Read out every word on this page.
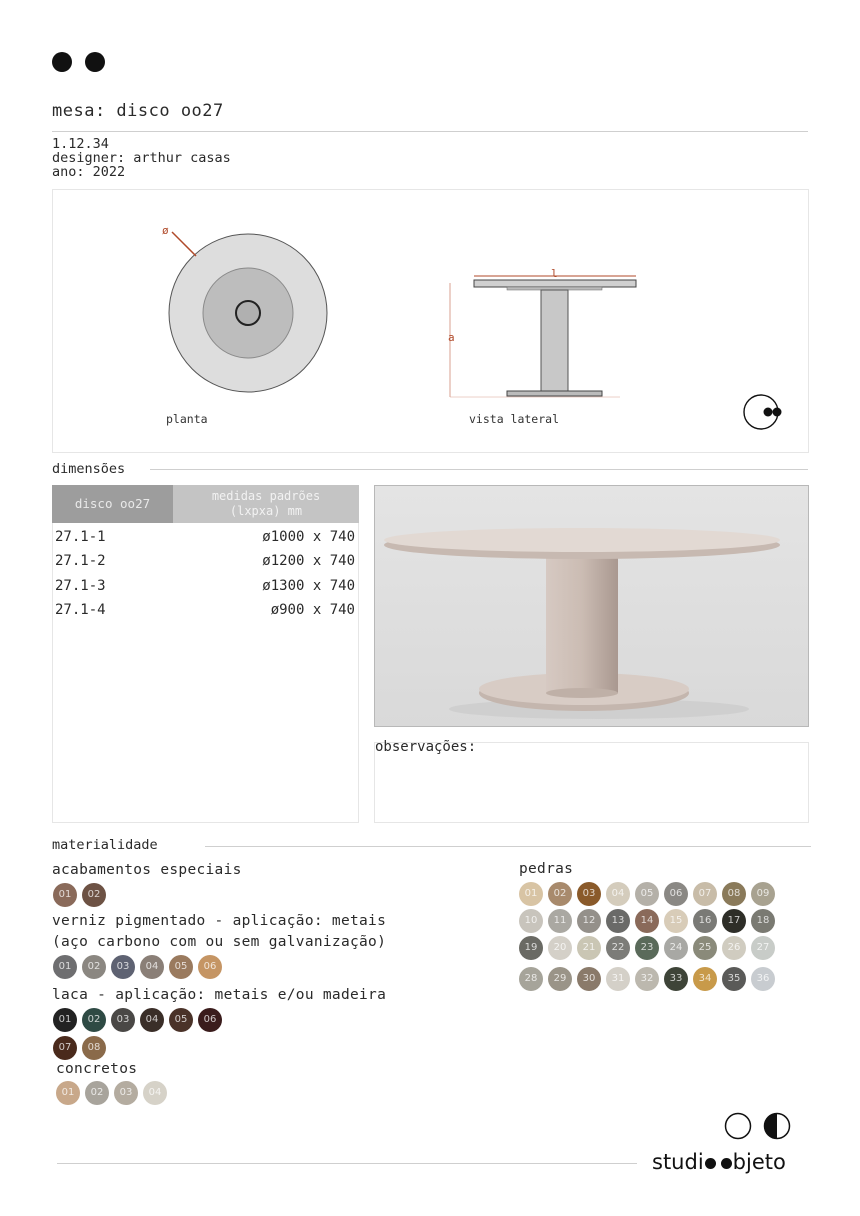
mesa: disco oo27
1.12.34
designer: arthur casas
ano: 2022
ø
planta
l
a
vista lateral
dimensões
disco oo27	medidas padrões
(lxpxa) mm
27.1-1	ø1000 x 740
27.1-2	ø1200 x 740
27.1-3	ø1300 x 740
27.1-4	ø900 x 740
observações:
materialidade
acabamentos especiais
01 02
verniz pigmentado - aplicação: metais
(aço carbono com ou sem galvanização)
01 02 03 04 05 06
laca - aplicação: metais e/ou madeira
01 02 03 04 05 06
07 08
concretos
01 02 03 04
pedras
01 02 03 04 05 06 07 08 09
10 11 12 13 14 15 16 17 18
19 20 21 22 23 24 25 26 27
28 29 30 31 32 33 34 35 36
studi bjeto
